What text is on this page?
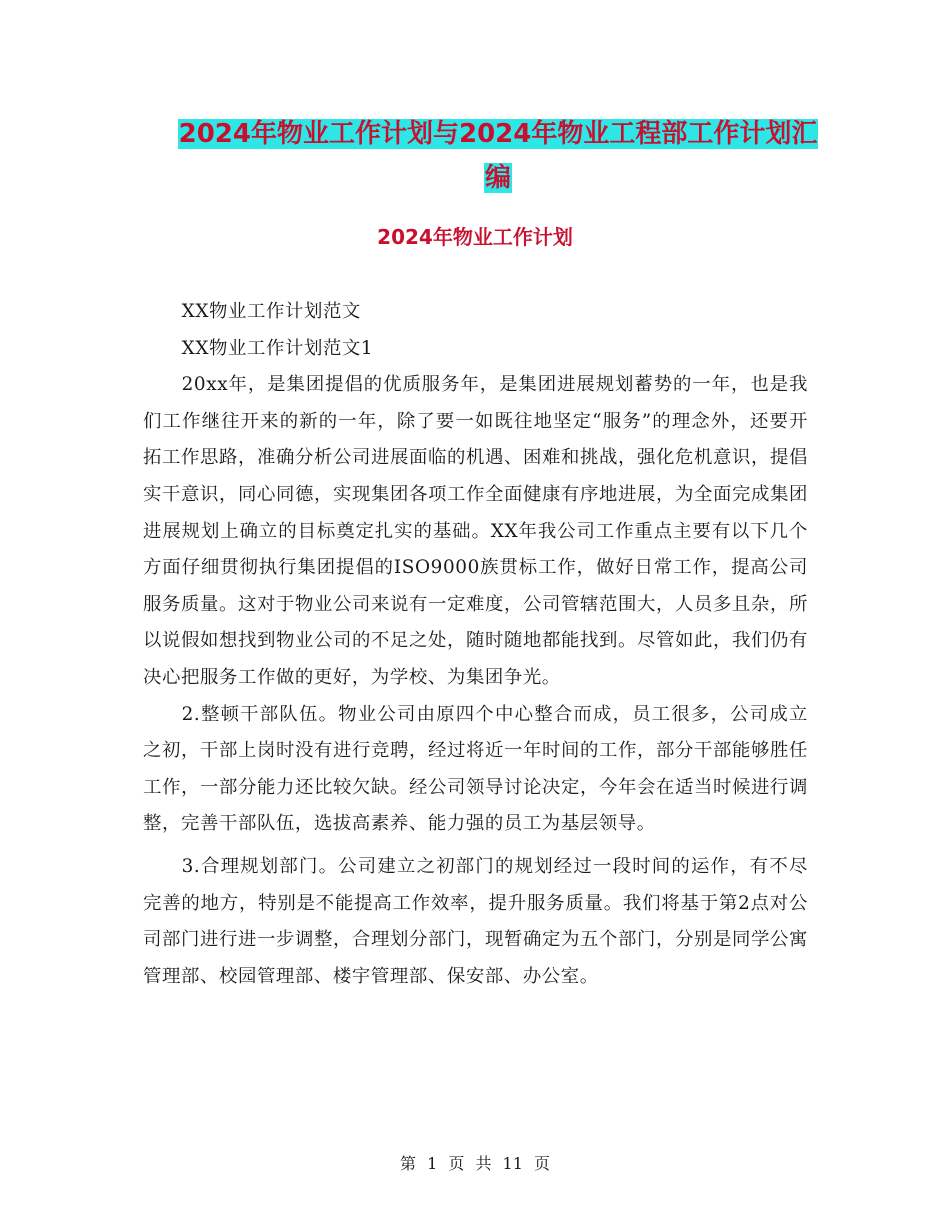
2024年物业工作计划与2024年物业工程部工作计划汇
编
2024年物业工作计划

XX物业工作计划范文

XX物业工作计划范文1

20xx年，是集团提倡的优质服务年，是集团进展规划蓄势的一年，也是我们工作继往开来的新的一年，除了要一如既往地坚定“服务”的理念外，还要开拓工作思路，准确分析公司进展面临的机遇、困难和挑战，强化危机意识，提倡实干意识，同心同德，实现集团各项工作全面健康有序地进展，为全面完成集团进展规划上确立的目标奠定扎实的基础。XX年我公司工作重点主要有以下几个方面仔细贯彻执行集团提倡的ISO9000族贯标工作，做好日常工作，提高公司服务质量。这对于物业公司来说有一定难度，公司管辖范围大，人员多且杂，所以说假如想找到物业公司的不足之处，随时随地都能找到。尽管如此，我们仍有决心把服务工作做的更好，为学校、为集团争光。

2.整顿干部队伍。物业公司由原四个中心整合而成，员工很多，公司成立之初，干部上岗时没有进行竞聘，经过将近一年时间的工作，部分干部能够胜任工作，一部分能力还比较欠缺。经公司领导讨论决定，今年会在适当时候进行调整，完善干部队伍，选拔高素养、能力强的员工为基层领导。

3.合理规划部门。公司建立之初部门的规划经过一段时间的运作，有不尽完善的地方，特别是不能提高工作效率，提升服务质量。我们将基于第2点对公司部门进行进一步调整，合理划分部门，现暂确定为五个部门，分别是同学公寓管理部、校园管理部、楼宇管理部、保安部、办公室。

第 1 页 共 11 页
